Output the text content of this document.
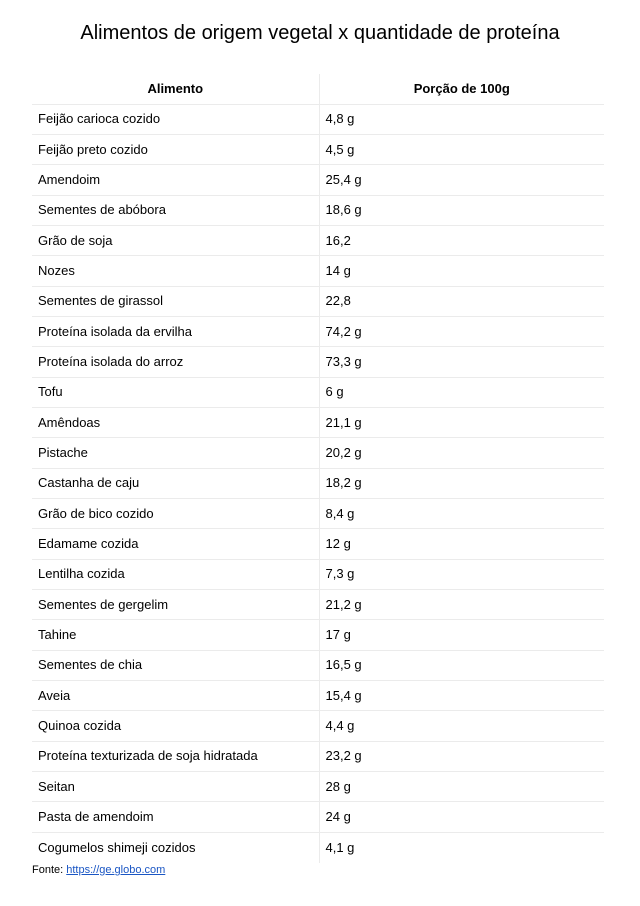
Alimentos de origem vegetal x quantidade de proteína
Alimento	Porção de 100g
Feijão carioca cozido	4,8 g
Feijão preto cozido	4,5 g
Amendoim	25,4 g
Sementes de abóbora	18,6 g
Grão de soja	16,2
Nozes	14 g
Sementes de girassol	22,8
Proteína isolada da ervilha	74,2 g
Proteína isolada do arroz	73,3 g
Tofu	6 g
Amêndoas	21,1 g
Pistache	20,2 g
Castanha de caju	18,2 g
Grão de bico cozido	8,4 g
Edamame cozida	12 g
Lentilha cozida	7,3 g
Sementes de gergelim	21,2 g
Tahine	17 g
Sementes de chia	16,5 g
Aveia	15,4 g
Quinoa cozida	4,4 g
Proteína texturizada de soja hidratada	23,2 g
Seitan	28 g
Pasta de amendoim	24 g
Cogumelos shimeji cozidos	4,1 g
Fonte: https://ge.globo.com
